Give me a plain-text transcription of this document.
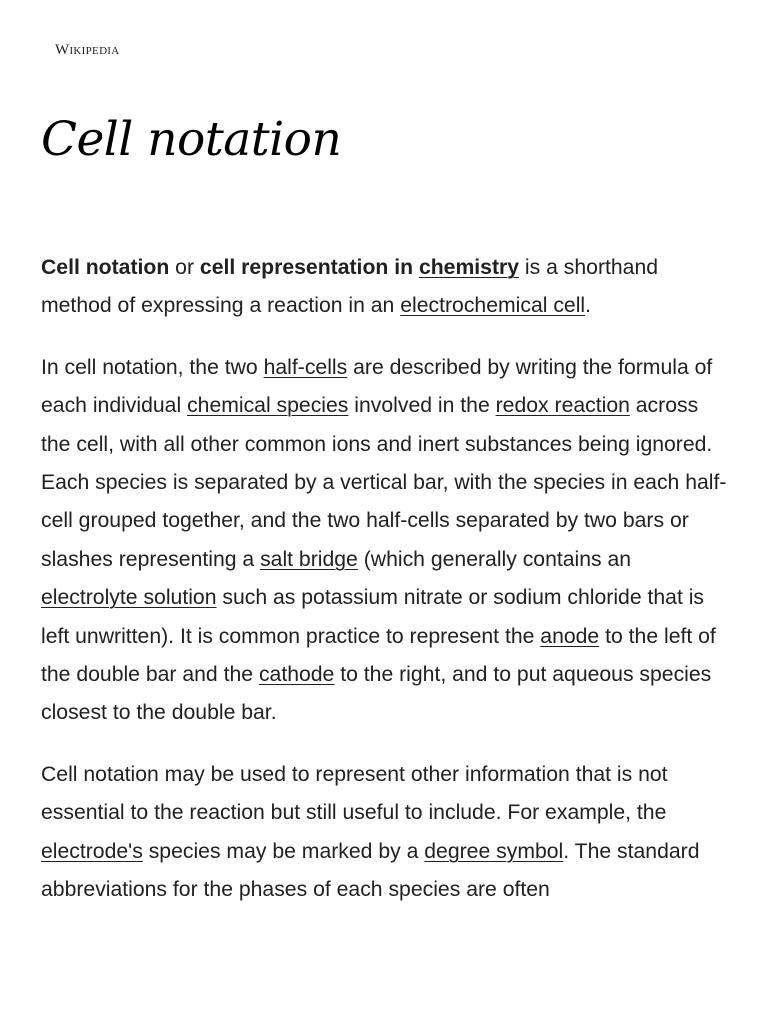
Wikipedia
Cell notation

Cell notation or cell representation in chemistry is a shorthand method of expressing a reaction in an electrochemical cell.

In cell notation, the two half-cells are described by writing the formula of each individual chemical species involved in the redox reaction across the cell, with all other common ions and inert substances being ignored. Each species is separated by a vertical bar, with the species in each half-cell grouped together, and the two half-cells separated by two bars or slashes representing a salt bridge (which generally contains an electrolyte solution such as potassium nitrate or sodium chloride that is left unwritten). It is common practice to represent the anode to the left of the double bar and the cathode to the right, and to put aqueous species closest to the double bar.

Cell notation may be used to represent other information that is not essential to the reaction but still useful to include. For example, the electrode's species may be marked by a degree symbol. The standard abbreviations for the phases of each species are often
